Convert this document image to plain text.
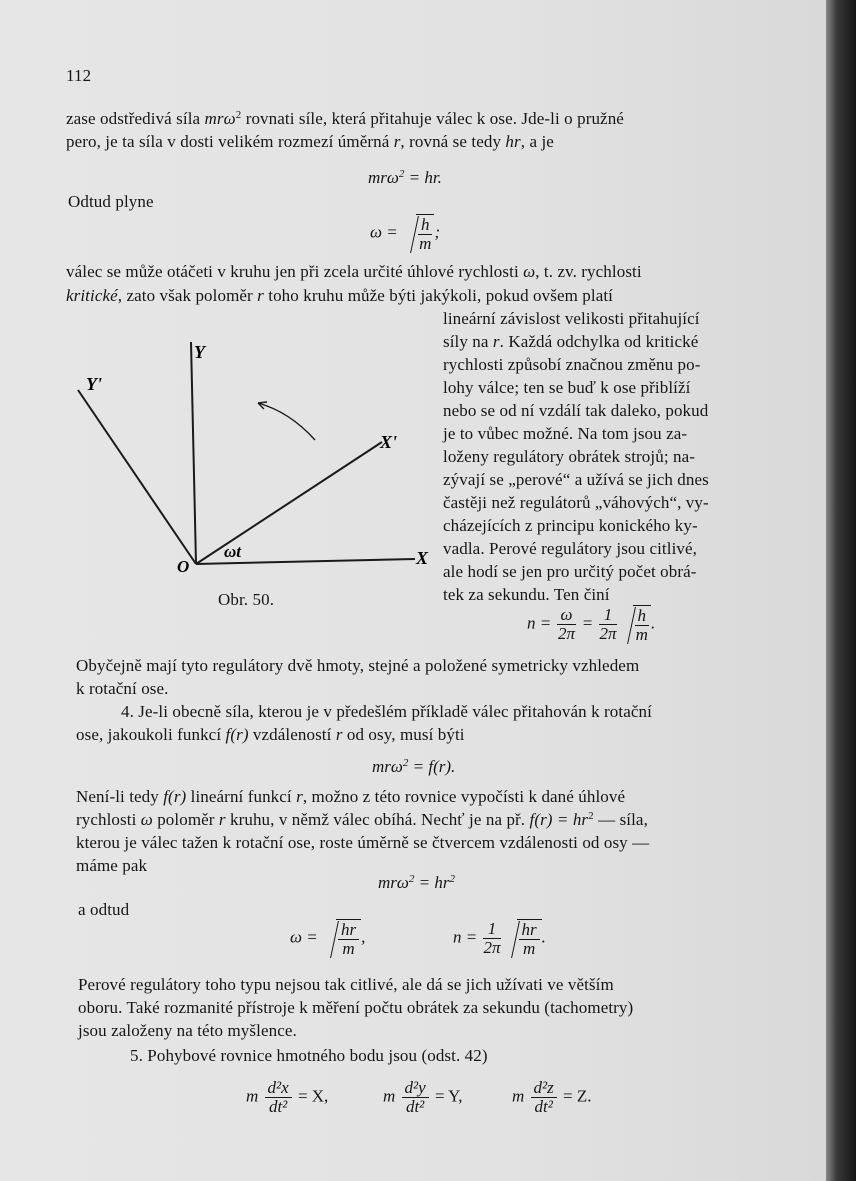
112
zase odstředivá síla mrω$^2$ rovnati síle, která přitahuje válec k ose. Jde-li o pružné
pero, je ta síla v dosti velikém rozmezí úměrná r, rovná se tedy hr, a je
mrω$^2$ = hr.
Odtud plyne
$\omega = \frac{h}{m}$ ;
válec se může otáčeti v kruhu jen při zcela určité úhlové rychlosti ω, t. zv. rychlosti
kritické, zato však poloměr r toho kruhu může býti jakýkoli, pokud ovšem platí
lineární závislost velikosti přitahující
síly na r. Každá odchylka od kritické
rychlosti způsobí značnou změnu po-
lohy válce; ten se buď k ose přiblíží
nebo se od ní vzdálí tak daleko, pokud
je to vůbec možné. Na tom jsou za-
loženy regulátory obrátek strojů; na-
zývají se „perové“ a užívá se jich dnes
častěji než regulátorů „váhových“, vy-
cházejících z principu konického ky-
vadla. Perové regulátory jsou citlivé,
ale hodí se jen pro určitý počet obrá-
tek za sekundu. Ten činí
Y
Y'
X'
X
O
ωt
Obr. 50.
$n = \frac{\omega}{2\pi} = \frac{1}{2\pi} \frac{h}{m}$ .
Obyčejně mají tyto regulátory dvě hmoty, stejné a položené symetricky vzhledem
k rotační ose.
4. Je-li obecně síla, kterou je v předešlém příkladě válec přitahován k rotační
ose, jakoukoli funkcí f(r) vzdáleností r od osy, musí býti
mrω$^2$ = f(r).
Není-li tedy f(r) lineární funkcí r, možno z této rovnice vypočísti k dané úhlové
rychlosti ω poloměr r kruhu, v němž válec obíhá. Nechť je na př. $f(r) = hr^2$ — síla,
kterou je válec tažen k rotační ose, roste úměrně se čtvercem vzdálenosti od osy —
máme pak
$mr\omega^2 = hr^2$
a odtud
$\omega = \frac{hr}{m}$ ,	$n = \frac{1}{2\pi} \frac{hr}{m}$ .
Perové regulátory toho typu nejsou tak citlivé, ale dá se jich užívati ve větším
oboru. Také rozmanité přístroje k měření počtu obrátek za sekundu (tachometry)
jsou založeny na této myšlence.
5. Pohybové rovnice hmotného bodu jsou (odst. 42)
m $\frac{\text{d²x}}{\text{dt²}} = X$,	m $\frac{\text{d²y}}{\text{dt²}} = Y$,	m $\frac{\text{d²z}}{\text{dt²}} = Z$.
